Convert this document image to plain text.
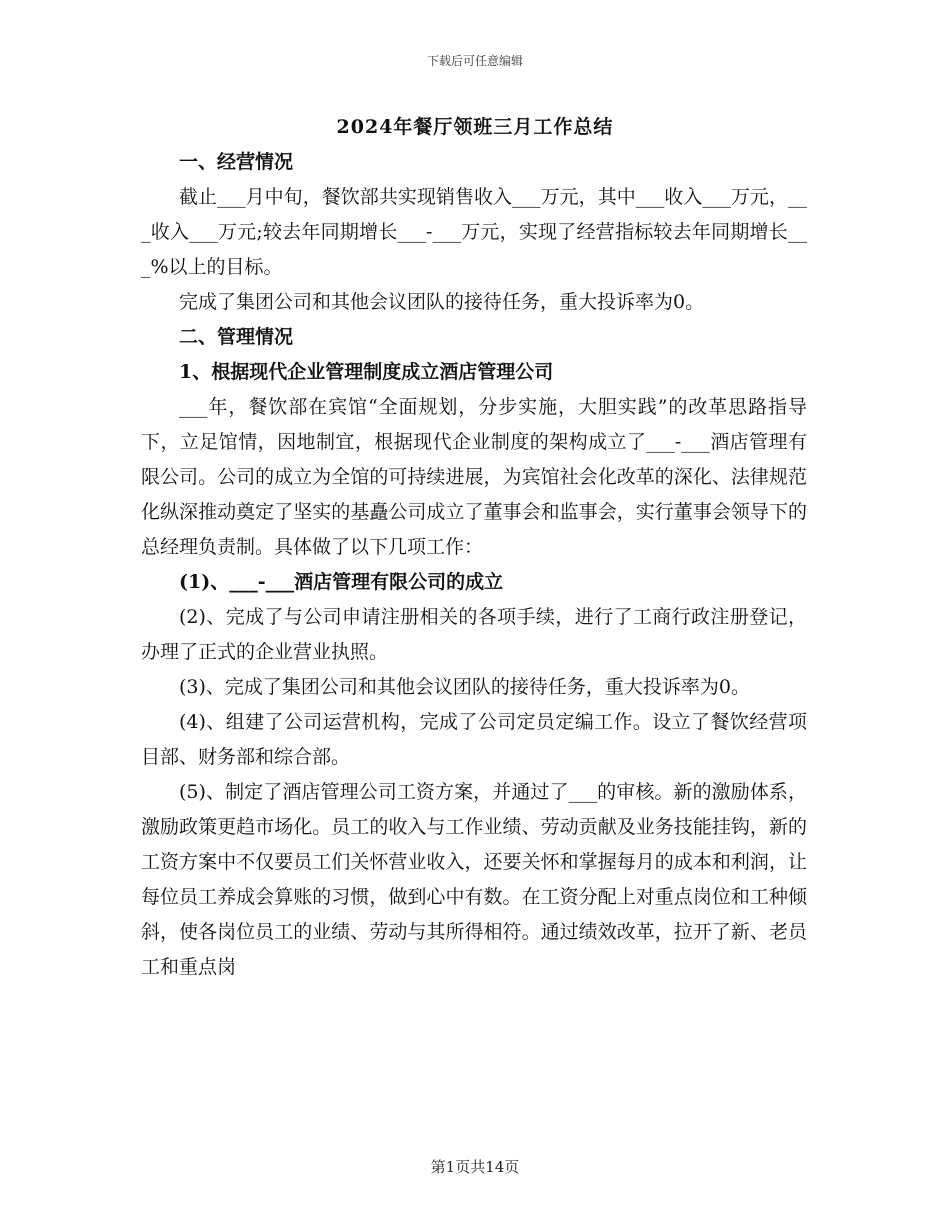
下载后可任意编辑
2024年餐厅领班三月工作总结

一、经营情况

截止___月中旬，餐饮部共实现销售收入___万元，其中___收入___万元，___收入___万元;较去年同期增长___-___万元，实现了经营指标较去年同期增长___%以上的目标。

完成了集团公司和其他会议团队的接待任务，重大投诉率为0。

二、管理情况

1、根据现代企业管理制度成立酒店管理公司

___年，餐饮部在宾馆“全面规划，分步实施，大胆实践”的改革思路指导下，立足馆情，因地制宜，根据现代企业制度的架构成立了___-___酒店管理有限公司。公司的成立为全馆的可持续进展，为宾馆社会化改革的深化、法律规范化纵深推动奠定了坚实的基矗公司成立了董事会和监事会，实行董事会领导下的总经理负责制。具体做了以下几项工作：

(1)、___-___酒店管理有限公司的成立

(2)、完成了与公司申请注册相关的各项手续，进行了工商行政注册登记，办理了正式的企业营业执照。

(3)、完成了集团公司和其他会议团队的接待任务，重大投诉率为0。

(4)、组建了公司运营机构，完成了公司定员定编工作。设立了餐饮经营项目部、财务部和综合部。

(5)、制定了酒店管理公司工资方案，并通过了___的审核。新的激励体系，激励政策更趋市场化。员工的收入与工作业绩、劳动贡献及业务技能挂钩，新的工资方案中不仅要员工们关怀营业收入，还要关怀和掌握每月的成本和利润，让每位员工养成会算账的习惯，做到心中有数。在工资分配上对重点岗位和工种倾斜，使各岗位员工的业绩、劳动与其所得相符。通过绩效改革，拉开了新、老员工和重点岗

第1页共14页
